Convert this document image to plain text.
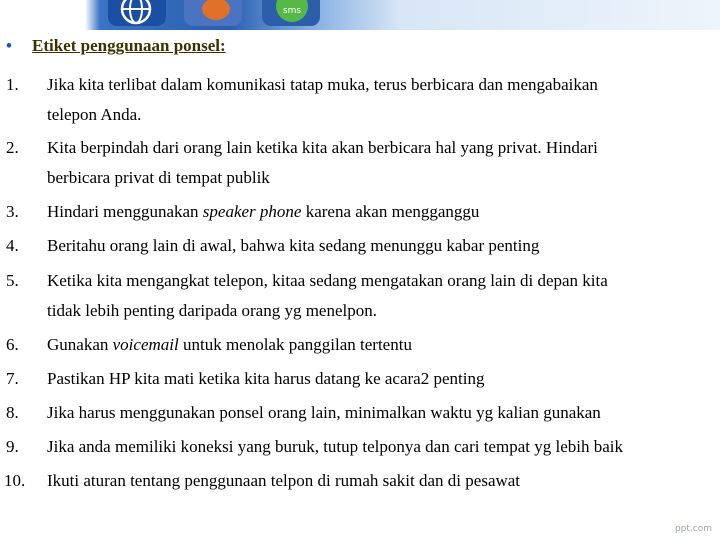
sms
• Etiket penggunaan ponsel:
1. Jika kita terlibat dalam komunikasi tatap muka, terus berbicara dan mengabaikan
telepon Anda.
2. Kita berpindah dari orang lain ketika kita akan berbicara hal yang privat. Hindari
berbicara privat di tempat publik
3. Hindari menggunakan speaker phone karena akan mengganggu
4. Beritahu orang lain di awal, bahwa kita sedang menunggu kabar penting
5. Ketika kita mengangkat telepon, kitaa sedang mengatakan orang lain di depan kita
tidak lebih penting daripada orang yg menelpon.
6. Gunakan voicemail untuk menolak panggilan tertentu
7. Pastikan HP kita mati ketika kita harus datang ke acara2 penting
8. Jika harus menggunakan ponsel orang lain, minimalkan waktu yg kalian gunakan
9. Jika anda memiliki koneksi yang buruk, tutup telponya dan cari tempat yg lebih baik
10. Ikuti aturan tentang penggunaan telpon di rumah sakit dan di pesawat
ppt.com
